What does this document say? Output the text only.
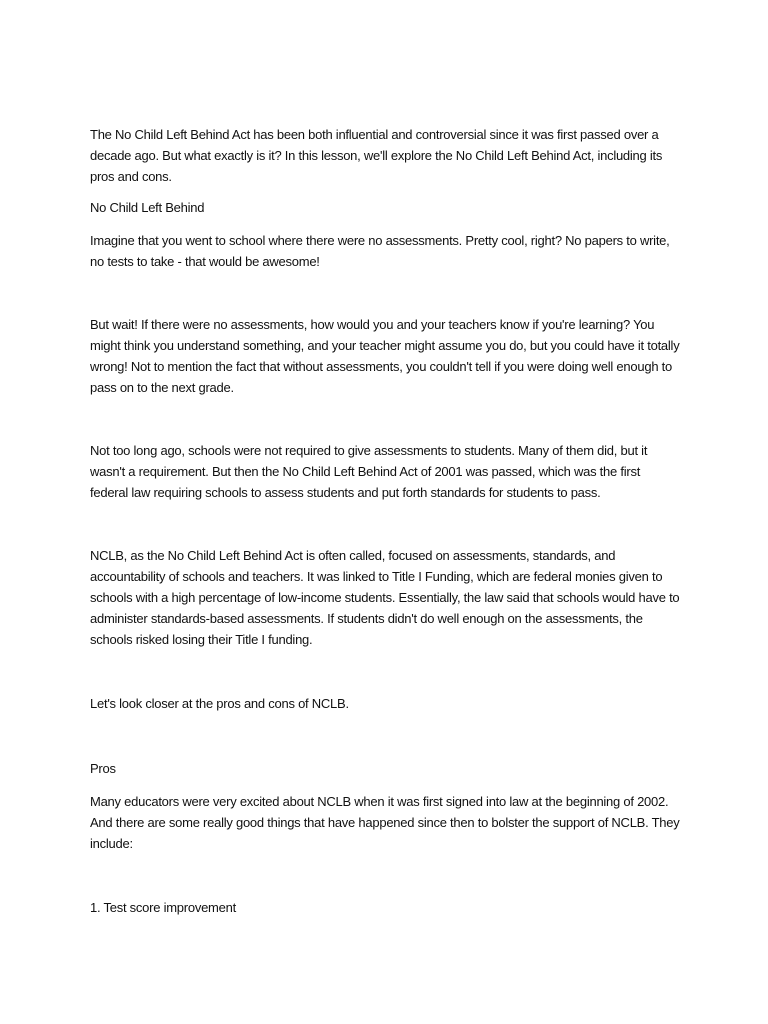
The No Child Left Behind Act has been both influential and controversial since it was first passed over a decade ago. But what exactly is it? In this lesson, we'll explore the No Child Left Behind Act, including its pros and cons.

No Child Left Behind

Imagine that you went to school where there were no assessments. Pretty cool, right? No papers to write, no tests to take - that would be awesome!

But wait! If there were no assessments, how would you and your teachers know if you're learning? You might think you understand something, and your teacher might assume you do, but you could have it totally wrong! Not to mention the fact that without assessments, you couldn't tell if you were doing well enough to pass on to the next grade.

Not too long ago, schools were not required to give assessments to students. Many of them did, but it wasn't a requirement. But then the No Child Left Behind Act of 2001 was passed, which was the first federal law requiring schools to assess students and put forth standards for students to pass.

NCLB, as the No Child Left Behind Act is often called, focused on assessments, standards, and accountability of schools and teachers. It was linked to Title I Funding, which are federal monies given to schools with a high percentage of low-income students. Essentially, the law said that schools would have to administer standards-based assessments. If students didn't do well enough on the assessments, the schools risked losing their Title I funding.

Let's look closer at the pros and cons of NCLB.

Pros

Many educators were very excited about NCLB when it was first signed into law at the beginning of 2002. And there are some really good things that have happened since then to bolster the support of NCLB. They include:

1. Test score improvement
